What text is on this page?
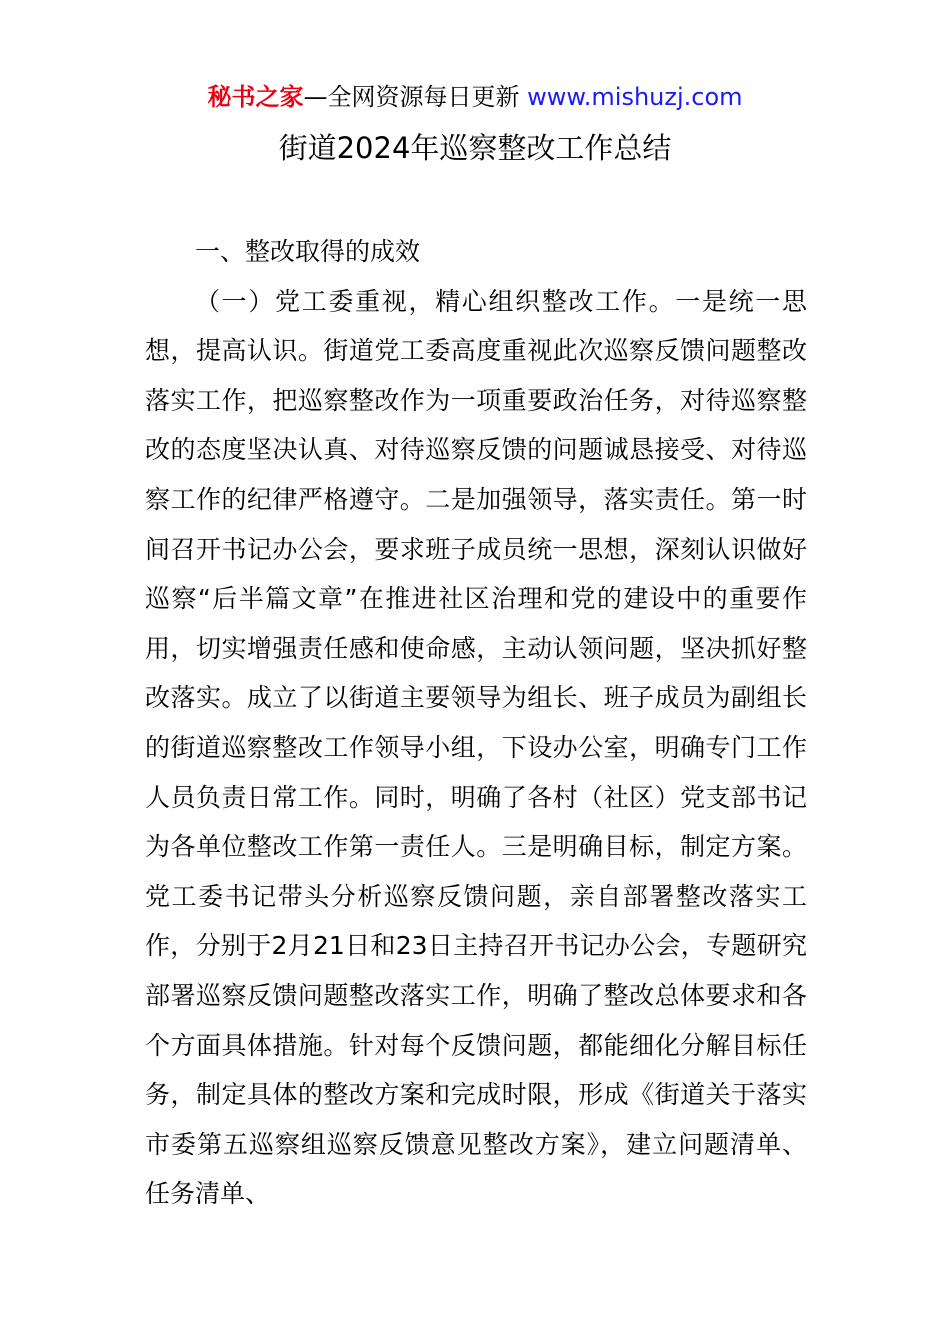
秘书之家—全网资源每日更新 www.mishuzj.com
街道2024年巡察整改工作总结

一、整改取得的成效

（一）党工委重视，精心组织整改工作。一是统一思想，提高认识。街道党工委高度重视此次巡察反馈问题整改落实工作，把巡察整改作为一项重要政治任务，对待巡察整改的态度坚决认真、对待巡察反馈的问题诚恳接受、对待巡察工作的纪律严格遵守。二是加强领导，落实责任。第一时间召开书记办公会，要求班子成员统一思想，深刻认识做好巡察“后半篇文章”在推进社区治理和党的建设中的重要作用，切实增强责任感和使命感，主动认领问题，坚决抓好整改落实。成立了以街道主要领导为组长、班子成员为副组长的街道巡察整改工作领导小组，下设办公室，明确专门工作人员负责日常工作。同时，明确了各村（社区）党支部书记为各单位整改工作第一责任人。三是明确目标，制定方案。党工委书记带头分析巡察反馈问题，亲自部署整改落实工作，分别于2月21日和23日主持召开书记办公会，专题研究部署巡察反馈问题整改落实工作，明确了整改总体要求和各个方面具体措施。针对每个反馈问题，都能细化分解目标任务，制定具体的整改方案和完成时限，形成《街道关于落实市委第五巡察组巡察反馈意见整改方案》，建立问题清单、任务清单、
